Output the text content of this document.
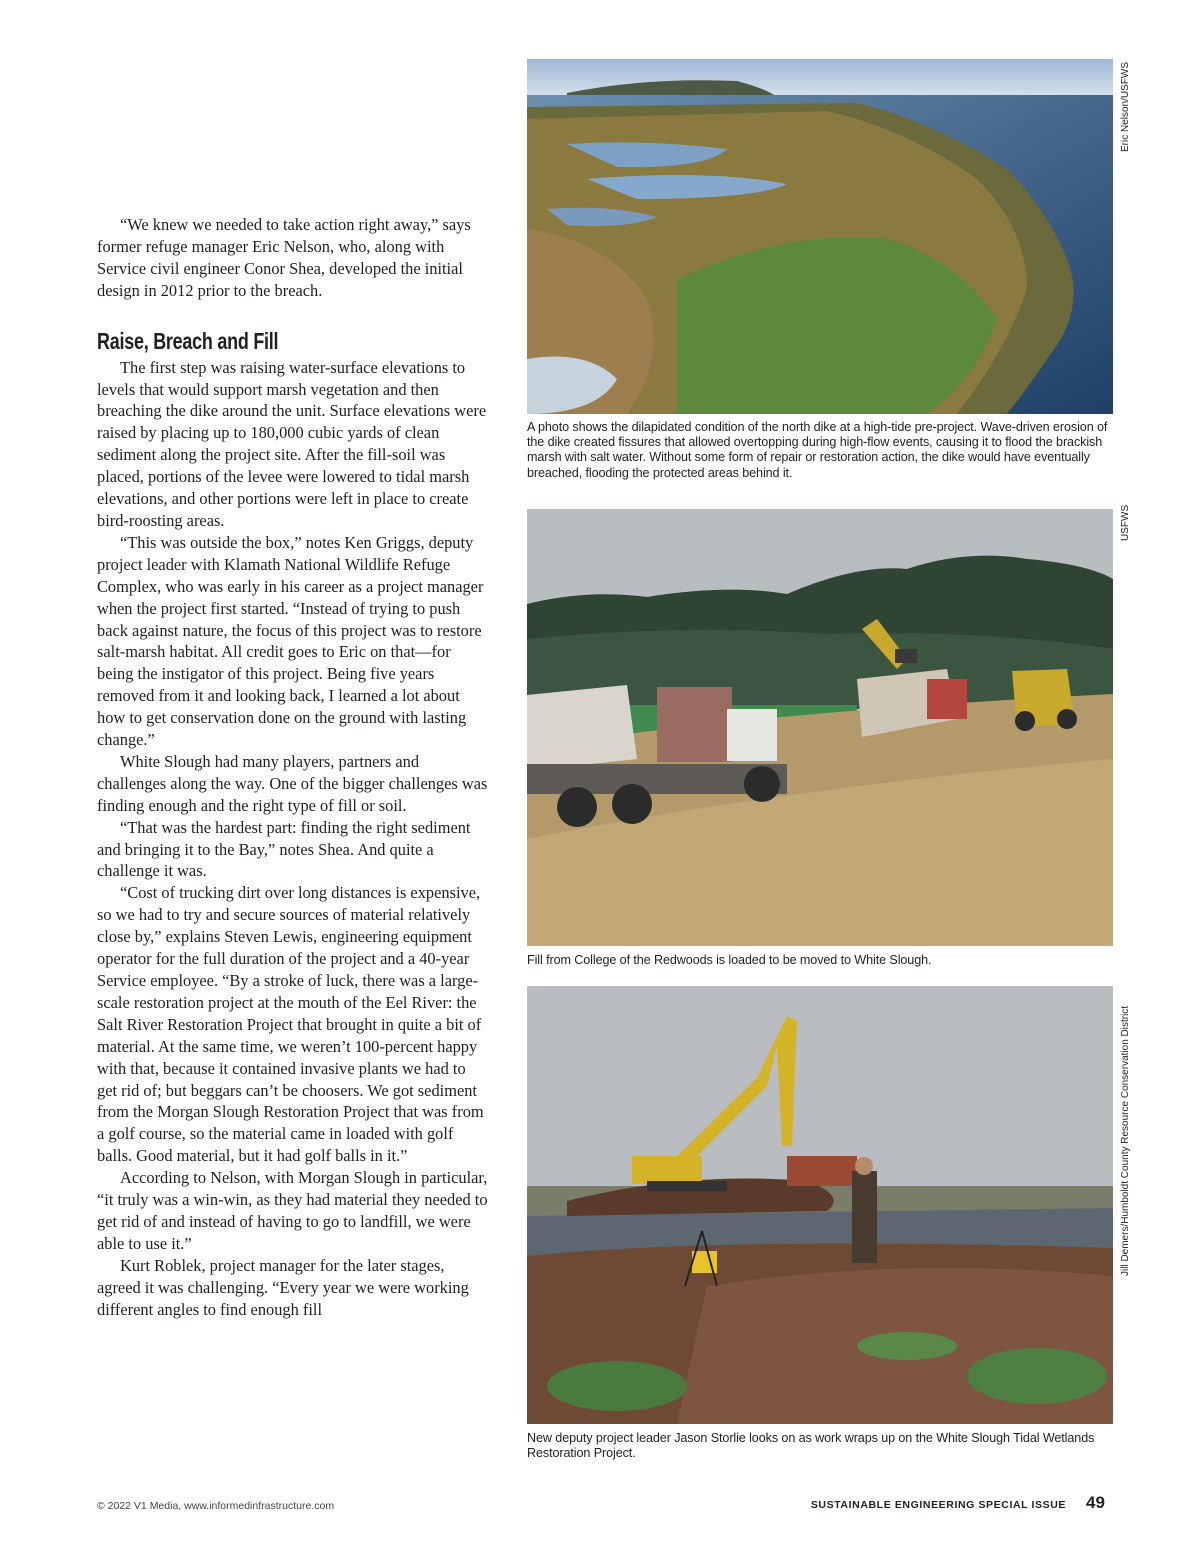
“We knew we needed to take action right away,” says former refuge manager Eric Nelson, who, along with Service civil engineer Conor Shea, developed the initial design in 2012 prior to the breach.

Raise, Breach and Fill

The first step was raising water-surface elevations to levels that would support marsh vegetation and then breaching the dike around the unit. Surface elevations were raised by placing up to 180,000 cubic yards of clean sediment along the project site. After the fill-soil was placed, portions of the levee were lowered to tidal marsh elevations, and other portions were left in place to create bird-roosting areas.

“This was outside the box,” notes Ken Griggs, deputy project leader with Klamath National Wildlife Refuge Complex, who was early in his career as a project manager when the project first started. “Instead of trying to push back against nature, the focus of this project was to restore salt-marsh habitat. All credit goes to Eric on that—for being the instigator of this project. Being five years removed from it and looking back, I learned a lot about how to get conservation done on the ground with lasting change.”

White Slough had many players, partners and challenges along the way. One of the bigger challenges was finding enough and the right type of fill or soil.

“That was the hardest part: finding the right sediment and bringing it to the Bay,” notes Shea. And quite a challenge it was.

“Cost of trucking dirt over long distances is expensive, so we had to try and secure sources of material relatively close by,” explains Steven Lewis, engineering equipment operator for the full duration of the project and a 40-year Service employee. “By a stroke of luck, there was a large-scale restoration project at the mouth of the Eel River: the Salt River Restoration Project that brought in quite a bit of material. At the same time, we weren’t 100-percent happy with that, because it contained invasive plants we had to get rid of; but beggars can’t be choosers. We got sediment from the Morgan Slough Restoration Project that was from a golf course, so the material came in loaded with golf balls. Good material, but it had golf balls in it.”

According to Nelson, with Morgan Slough in particular, “it truly was a win-win, as they had material they needed to get rid of and instead of having to go to landfill, we were able to use it.”

Kurt Roblek, project manager for the later stages, agreed it was challenging. “Every year we were working different angles to find enough fill

Eric Nelson/USFWS
A photo shows the dilapidated condition of the north dike at a high-tide pre-project. Wave-driven erosion of the dike created fissures that allowed overtopping during high-flow events, causing it to flood the brackish marsh with salt water. Without some form of repair or restoration action, the dike would have eventually breached, flooding the protected areas behind it.
USFWS
Fill from College of the Redwoods is loaded to be moved to White Slough.
Jill Demers/Humboldt County Resource Conservation District
New deputy project leader Jason Storlie looks on as work wraps up on the White Slough Tidal Wetlands Restoration Project.
© 2022 V1 Media, www.informedinfrastructure.com	SUSTAINABLE ENGINEERING SPECIAL ISSUE 49
